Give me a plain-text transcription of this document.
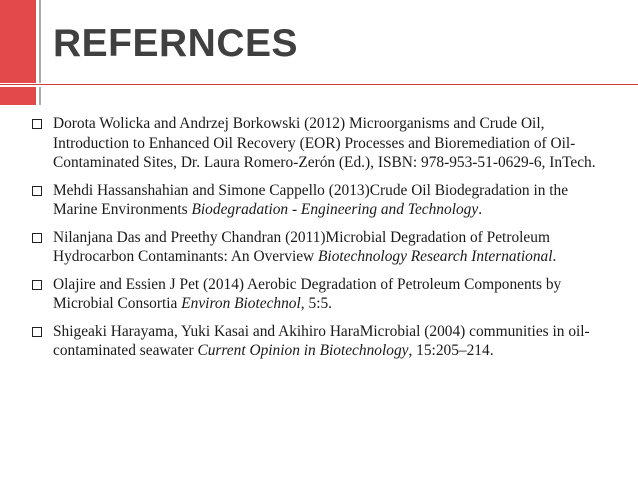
REFERNCES
Dorota Wolicka and Andrzej Borkowski (2012) Microorganisms and Crude Oil, Introduction to Enhanced Oil Recovery (EOR) Processes and Bioremediation of Oil-Contaminated Sites, Dr. Laura Romero-Zerón (Ed.), ISBN: 978-953-51-0629-6, InTech.
Mehdi Hassanshahian and Simone Cappello (2013)Crude Oil Biodegradation in the Marine Environments Biodegradation - Engineering and Technology.
Nilanjana Das and Preethy Chandran (2011)Microbial Degradation of Petroleum Hydrocarbon Contaminants: An Overview Biotechnology Research International.
Olajire and Essien J Pet (2014) Aerobic Degradation of Petroleum Components by Microbial Consortia Environ Biotechnol, 5:5.
Shigeaki Harayama, Yuki Kasai and Akihiro HaraMicrobial (2004) communities in oil-contaminated seawater Current Opinion in Biotechnology, 15:205–214.
